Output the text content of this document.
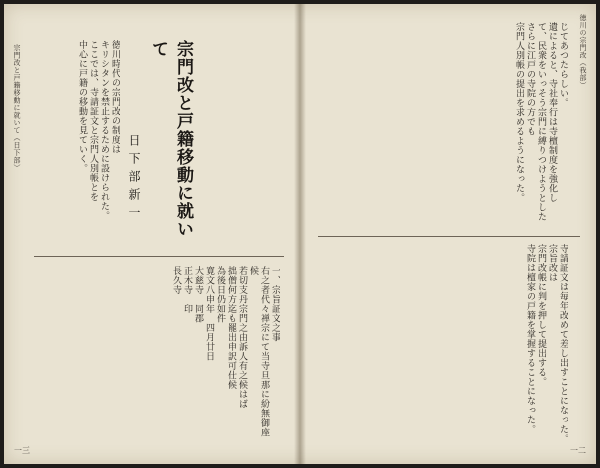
徳川の宗門改（我部）
一二

じてあつたらしい。

遺によると、寺社奉行は寺檀制度を強化し

て、民衆をいっそう宗門に縛りつけようとした

さらに江戸の寺院の方でも

宗門人別帳の提出を求めるようになった。

寺請証文は毎年改めて差し出すことになった。

宗旨改は

宗門改帳に判を押して提出する。

寺院は檀家の戸籍を掌握することになった。

宗門改と戸籍移動に就いて
日下部新一

徳川時代の宗門改の制度は

キリシタンを禁止するために設けられた。

ここでは、寺請証文と宗門人別帳とを

中心に戸籍の移動を見ていく。

一、宗旨証文之事

右之者代々禅宗にて当寺旦那に紛無御座候

若切支丹宗門之由訴人有之候はば

拙僧何方迄も罷出申訳可仕候

為後日仍如件

寛文八申年　四月廿日

大慈寺　同郡

正木寺　印

長久寺

宗門改と戸籍移動に就いて（日下部）
一三
